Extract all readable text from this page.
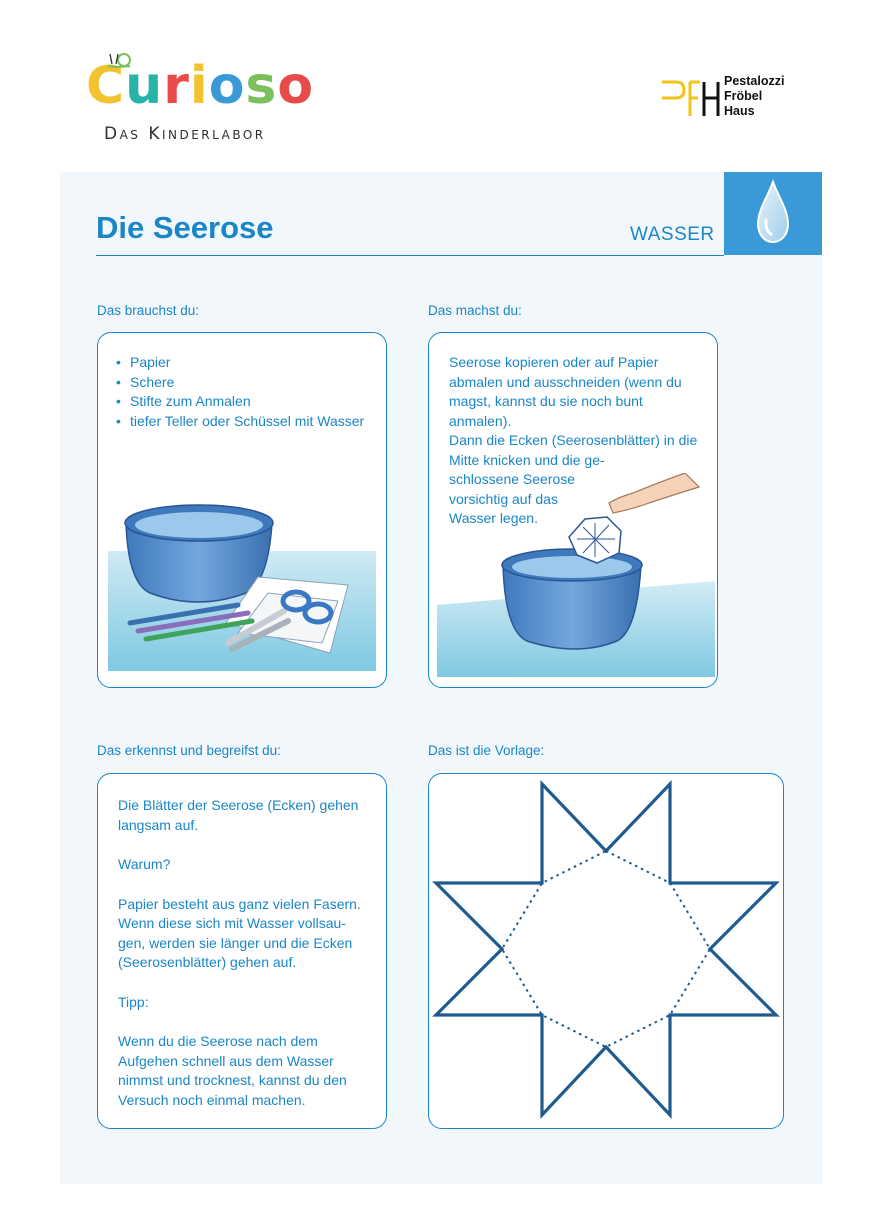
Curioso
Das Kinderlabor
Pestalozzi
Fröbel
Haus
Die Seerose	WASSER
Das brauchst du:	Das machst du:
Das erkennst und begreifst du:	Das ist die Vorlage:
• Papier
• Schere
• Stifte zum Anmalen
• tiefer Teller oder Schüssel mit Wasser

Seerose kopieren oder auf Papier abmalen und ausschneiden (wenn du magst, kannst du sie noch bunt anmalen).

Dann die Ecken (Seerosenblätter) in die Mitte knicken und die ge-

schlossene Seerose

vorsichtig auf das

Wasser legen.

Die Blätter der Seerose (Ecken) gehen langsam auf.

Warum?

Papier besteht aus ganz vielen Fasern. Wenn diese sich mit Wasser vollsau-gen, werden sie länger und die Ecken (Seerosenblätter) gehen auf.

Tipp:

Wenn du die Seerose nach dem Aufgehen schnell aus dem Wasser nimmst und trocknest, kannst du den Versuch noch einmal machen.
